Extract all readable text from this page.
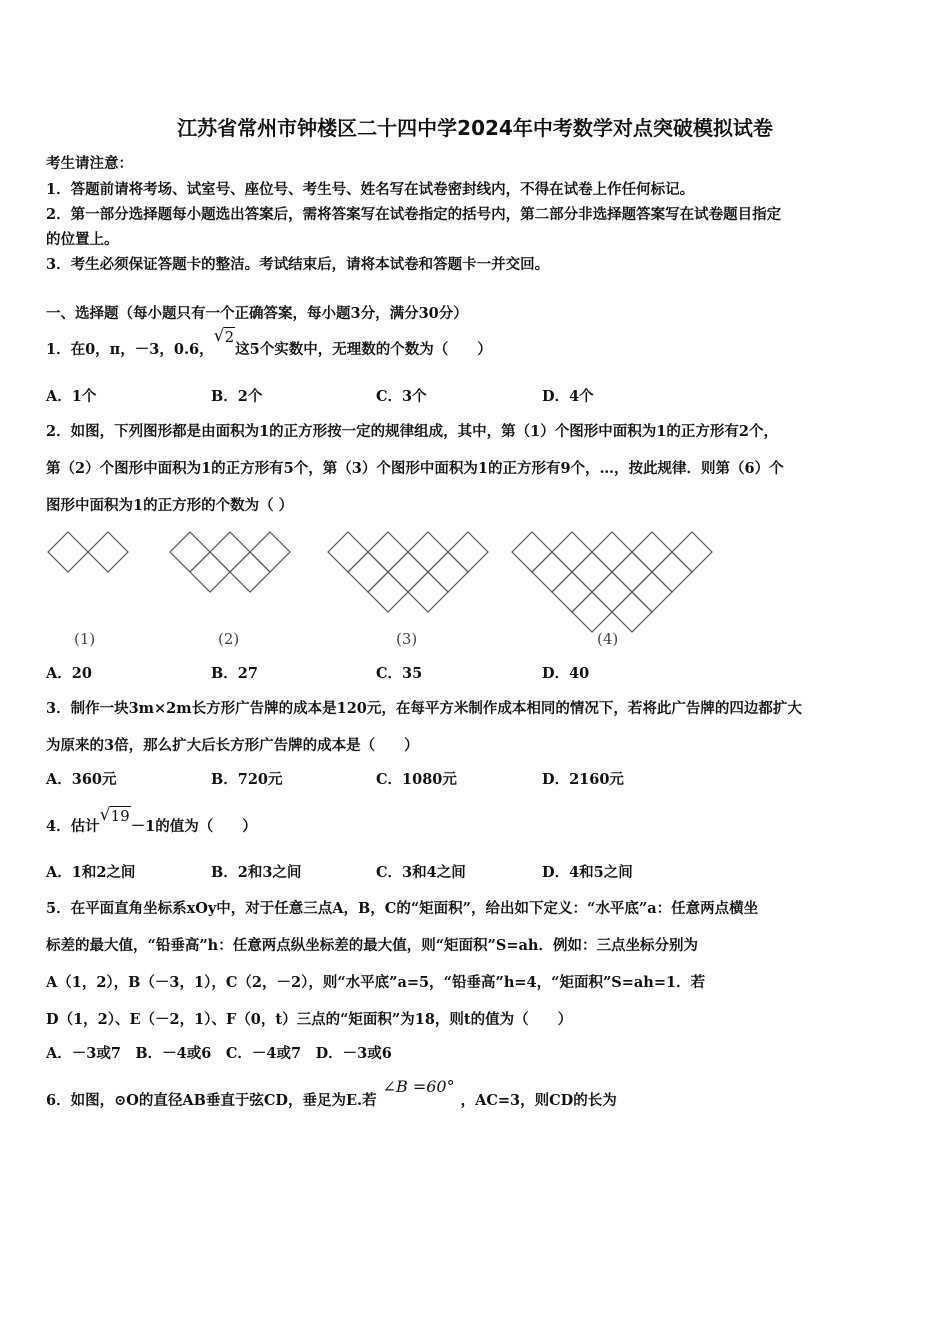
江苏省常州市钟楼区二十四中学2024年中考数学对点突破模拟试卷
考生请注意：
1．答题前请将考场、试室号、座位号、考生号、姓名写在试卷密封线内，不得在试卷上作任何标记。
2．第一部分选择题每小题选出答案后，需将答案写在试卷指定的括号内，第二部分非选择题答案写在试卷题目指定
的位置上。
3．考生必须保证答题卡的整洁。考试结束后，请将本试卷和答题卡一并交回。
一、选择题（每小题只有一个正确答案，每小题3分，满分30分）
1．在0，π，－3，0.6，
√ 2这5个实数中，无理数的个数为（　　）
A．1个	B．2个	C．3个	D．4个
2．如图，下列图形都是由面积为1的正方形按一定的规律组成，其中，第（1）个图形中面积为1的正方形有2个，
第（2）个图形中面积为1的正方形有5个，第（3）个图形中面积为1的正方形有9个，…，按此规律．则第（6）个
图形中面积为1的正方形的个数为（ ）
(1)	(2)	(3)	(4)
A．20	B．27	C．35	D．40
3．制作一块3m×2m长方形广告牌的成本是120元，在每平方米制作成本相同的情况下，若将此广告牌的四边都扩大
为原来的3倍，那么扩大后长方形广告牌的成本是（　　）
A．360元	B．720元	C．1080元	D．2160元
4．估计
√ 19－1的值为（　　）
A．1和2之间	B．2和3之间	C．3和4之间	D．4和5之间
5．在平面直角坐标系xOy中，对于任意三点A，B，C的“矩面积”，给出如下定义：“水平底”a：任意两点横坐
标差的最大值，“铅垂高”h：任意两点纵坐标差的最大值，则“矩面积”S=ah．例如：三点坐标分别为
A（1，2），B（－3，1），C（2，－2），则“水平底”a=5，“铅垂高”h=4，“矩面积”S=ah=1．若
D（1，2）、E（－2，1）、F（0，t）三点的“矩面积”为18，则t的值为（　　）
A．－3或7　B．－4或6　C．－4或7　D．－3或6
6．如图，⊙O的直径AB垂直于弦CD，垂足为E.若∠B =60°，AC=3，则CD的长为
